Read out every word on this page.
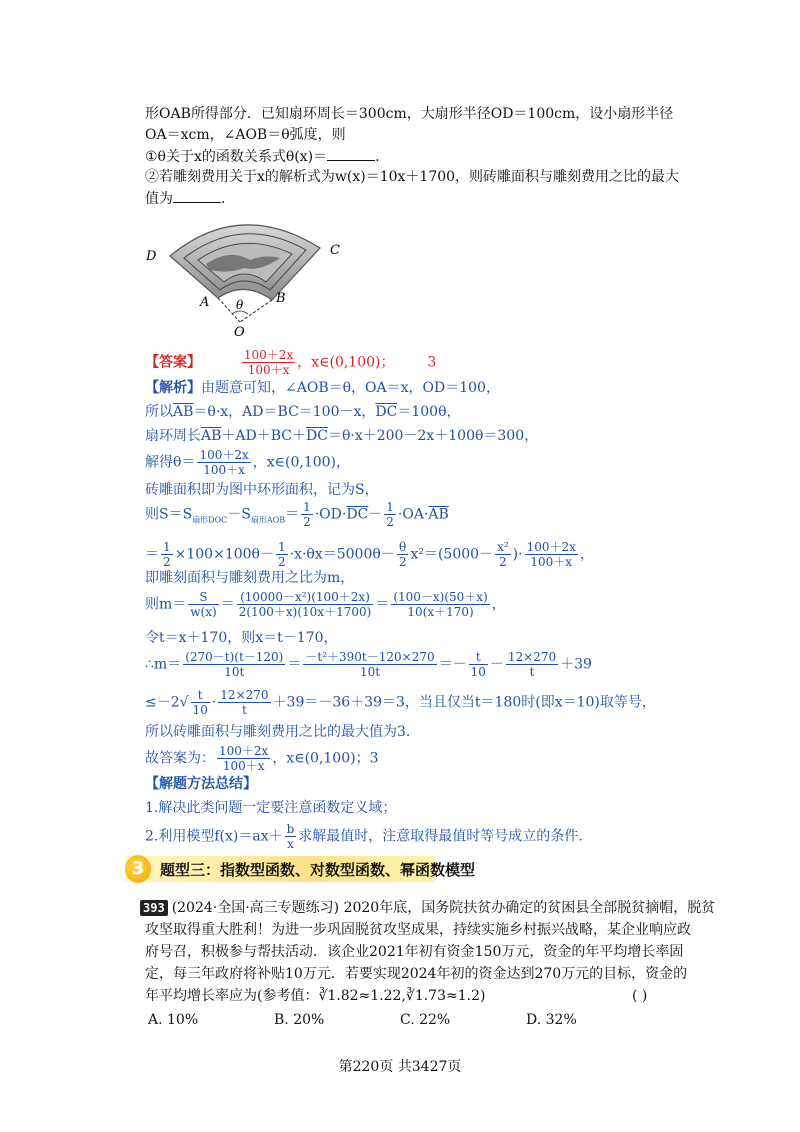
形OAB所得部分．已知扇环周长＝300cm，大扇形半径OD＝100cm，设小扇形半径
OA＝xcm，∠AOB＝θ弧度，则
①θ关于x的函数关系式θ(x)＝	.
②若雕刻费用关于x的解析式为w(x)＝10x＋1700，则砖雕面积与雕刻费用之比的最大
值为	.
D	C
A	B
θ
O
【答案】	$\frac{100+2x}{100+x}$ ，x∈(0,100)； 3
【解析】由题意可知，∠AOB＝θ，OA＝x，OD＝100，
所以$\overline{AB}=\theta\cdot x$，AD＝BC＝100－x，$\overline{DC}=100\theta$，
扇环周长$\overline{AB}+AD+BC+\overline{DC}=\theta\cdot x+200-2x+100\theta=300$，
解得$\theta= \frac{100+2x}{100+x}$ ，x∈(0,100)，
砖雕面积即为图中环形面积，记为S，
则$S=S_{扇形DOC}-S_{扇形AOB}= \frac{1}{2} \cdot OD\cdot\overline{DC}- \frac{1}{2} \cdot OA\cdot\overline{AB}$
＝ $\frac{1}{2} \times 100\times 100\theta- \frac{1}{2} \cdot x\cdot\theta x=5000\theta- \frac{\theta}{2} x^2=(5000- \frac{\text{x²}}{2}$ )· $\frac{100+2x}{100+x}$ ，
即雕刻面积与雕刻费用之比为m，
则$m= \frac{S}{w(x)} = \frac{\text{(10000－x²)(100＋2x)}}{2(100+x)(10x+1700)} = \frac{(100-x)(50+x)}{10(x+170)}$ ，
令t＝x＋170，则x＝t－170，
∴m＝ $\frac{(270-t)(t-120)}{10t} = \frac{\text{－t²＋390t－120×270}}{10t} =- \frac{t}{10} - \frac{12\times 270}{t} +39$
$\le-2√ \frac{t}{10} \cdot \frac{12\times 270}{t} +39=-36+39=3$，当且仅当t＝180时(即x＝10)取等号，
所以砖雕面积与雕刻费用之比的最大值为3.
故答案为： $\frac{100+2x}{100+x}$ ，x∈(0,100)；3
【解题方法总结】
1.解决此类问题一定要注意函数定义域；
2.利用模型$f(x)=ax+ \frac{b}{x}$ 求解最值时，注意取得最值时等号成立的条件.
3	题型三：指数型函数、对数型函数、幂函数模型
393 (2024·全国·高三专题练习) 2020年底，国务院扶贫办确定的贫困县全部脱贫摘帽，脱贫
攻坚取得重大胜利！为进一步巩固脱贫攻坚成果，持续实施乡村振兴战略，某企业响应政
府号召，积极参与帮扶活动．该企业2021年初有资金150万元，资金的年平均增长率固
定，每三年政府将补贴10万元．若要实现2024年初的资金达到270万元的目标，资金的
年平均增长率应为(参考值：∛1.82≈1.22,∛1.73≈1.2)	( )
A. 10%	B. 20%	C. 22%	D. 32%
第220页 共3427页
